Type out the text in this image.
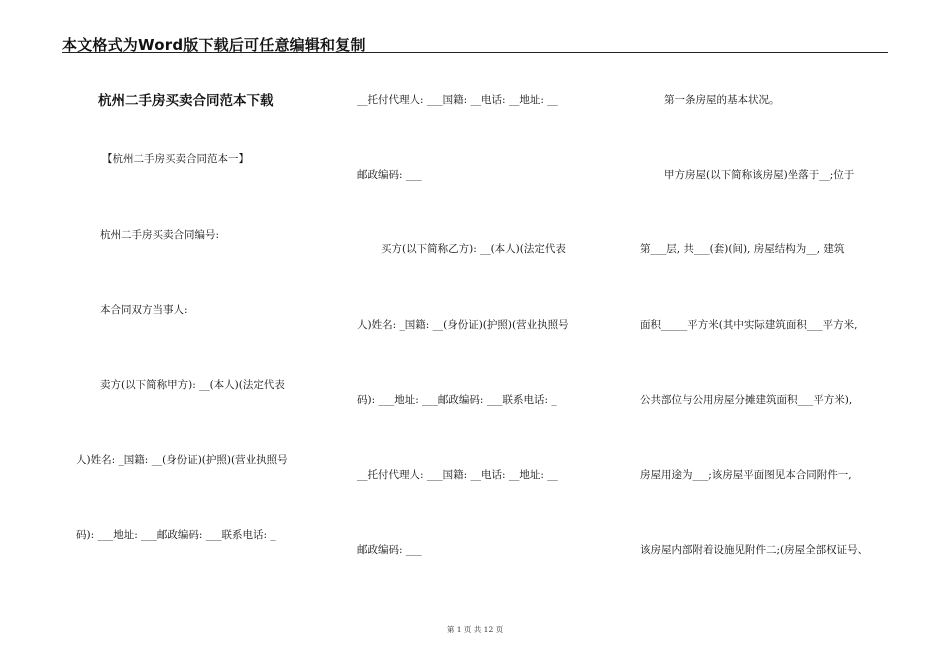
本文格式为Word版下载后可任意编辑和复制
杭州二手房买卖合同范本下载
【杭州二手房买卖合同范本一】
杭州二手房买卖合同编号:
本合同双方当事人:
卖方(以下简称甲方): __(本人)(法定代表
人)姓名: _国籍: __(身份证)(护照)(营业执照号
码): ___地址: ___邮政编码: ___联系电话: _
__托付代理人: ___国籍: __电话: __地址: __
邮政编码: ___
买方(以下简称乙方): __(本人)(法定代表
人)姓名: _国籍: __(身份证)(护照)(营业执照号
码): ___地址: ___邮政编码: ___联系电话: _
__托付代理人: ___国籍: __电话: __地址: __
邮政编码: ___
第一条房屋的基本状况。
甲方房屋(以下简称该房屋)坐落于__;位于
第___层, 共___(套)(间), 房屋结构为__, 建筑
面积_____平方米(其中实际建筑面积___平方米,
公共部位与公用房屋分摊建筑面积___平方米),
房屋用途为___;该房屋平面图见本合同附件一,
该房屋内部附着设施见附件二;(房屋全部权证号、
第 1 页 共 12 页
